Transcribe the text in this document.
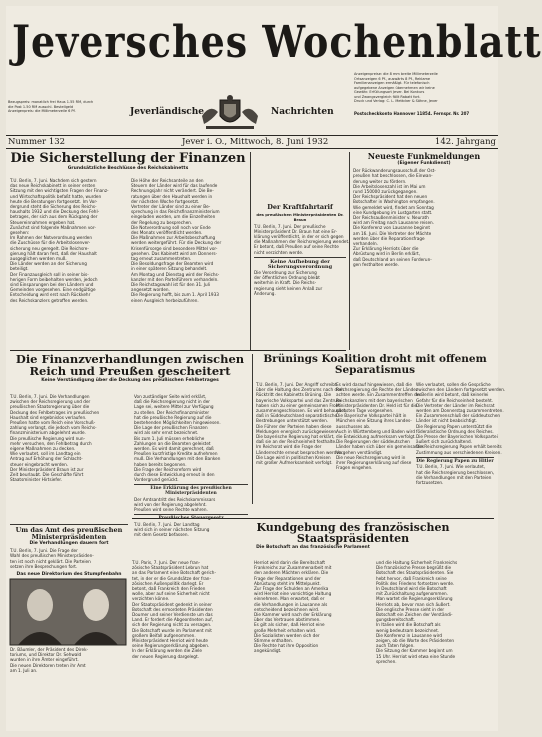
Jeversches Wochenblatt
Bezugspreis: monatlich frei Haus 1.55 RM, durch
die Post 1.50 RM ausschl. Bestellgeld
Anzeigenpreis: die Millimeterzeile 6 Pf.	Jeverländische	Nachrichten
Anzeigenpreise: die 8 mm breite Millimeterzeile
Ortsanzeigen 6 Pf., auswärts 8 Pf., Reklame
Familienanzeigen ermäßigt. Für telefonisch
aufgegebene Anzeigen übernehmen wir keine
Gewähr. Erfüllungsort Jever. Bei Konkurs
und Zwangsvergleich fällt Rabatt fort.
Druck und Verlag: C. L. Mettcker & Söhne, Jever
Postscheckkonto Hannover 11854. Fernspr. Nr. 207
Nummer 132	Jever i. O., Mittwoch, 8. Juni 1932	142. Jahrgang
Die Sicherstellung der Finanzen
Grundsätzliche Beschlüsse des Reichskabinetts
T.U. Berlin, 7. Juni. Nachdem sich gestern
das neue Reichskabinett in seiner ersten
Sitzung mit den wichtigsten Fragen der Finanz-
und Wirtschaftspolitik befaßt hatte, wurden
heute die Beratungen fortgesetzt. Im Vor-
dergrund steht die Sicherung des Reichs-
haushalts 1932 und die Deckung des Fehl-
betrages, der sich aus dem Rückgang der
Steuereinnahmen ergeben hat.
Zunächst sind folgende Maßnahmen vor-
gesehen:
Im Rahmen der Notverordnung werden
die Zuschüsse für die Arbeitslosenver-
sicherung neu geregelt. Die Reichsre-
gierung hält daran fest, daß der Haushalt
ausgeglichen werden muß.
Die Länder werden an der Sicherung
beteiligt.
Der Finanzausgleich soll in seiner bis-
herigen Form beibehalten werden, jedoch
sind Einsparungen bei den Ländern und
Gemeinden vorgesehen. Eine endgültige
Entscheidung wird erst nach Rückkehr
des Reichskanzlers getroffen werden.
Die Höhe der Reichsanteile an den
Steuern der Länder wird für das laufende
Rechnungsjahr nicht verändert. Die Be-
ratungen über den Haushalt werden in
der nächsten Woche fortgesetzt.
Vertreter der Länder sind zu einer Be-
sprechung in das Reichsfinanzministerium
eingeladen worden, um die Einzelheiten
der Regelung zu besprechen.
Die Notverordnung soll noch vor Ende
des Monats veröffentlicht werden.
Die Maßnahmen zur Arbeitsbeschaffung
werden weitergeführt. Für die Deckung der
Krisenfürsorge sind besondere Mittel vor-
gesehen. Das Kabinett wird am Donners-
tag erneut zusammentreten.
Die Besoldungsfrage der Beamten wird
in einer späteren Sitzung behandelt.
Am Montag und Dienstag wird der Reichs-
kanzler mit den Parteiführern verhandeln.
Die Reichstagswahl ist für den 31. Juli
angesetzt worden.
Die Regierung hofft, bis zum 1. April 1933
einen Ausgleich herbeizuführen.
Der Kraftfahrtarif
des preußischen Ministerpräsidenten Dr. Braun
T.U. Berlin, 7. Juni. Der preußische
Ministerpräsident Dr. Braun hat eine Er-
klärung veröffentlicht, in der er sich gegen
die Maßnahmen der Reichsregierung wendet.
Er betont, daß Preußen auf seine Rechte
nicht verzichten werde.
Keine Aufhebung der Sicherungsverordnung
Die Verordnung zur Sicherung
der öffentlichen Ordnung bleibt
weiterhin in Kraft. Die Reichs-
regierung sieht keinen Anlaß zur
Änderung.
Neueste Funkmeldungen
(Eigener Funkdienst)
Der Rückwanderungsausschuß der Ost-
preußen hat beschlossen, die Einwan-
derung weiter zu fördern.
Die Arbeitslosenzahl ist im Mai um
rund 150000 zurückgegangen.
Der Reichspräsident hat den neuen
Botschafter in Washington empfangen.
Wie gemeldet wird, findet am Sonntag
eine Kundgebung im Lustgarten statt.
Der Reichsaußenminister v. Neurath
wird am Freitag nach Lausanne reisen.
Die Konferenz von Lausanne beginnt
am 16. Juni. Die Vertreter der Mächte
werden über die Reparationsfrage
verhandeln.
Zur Erklärung Herriots über die
Abrüstung wird in Berlin erklärt,
daß Deutschland an seinen Forderun-
gen festhalten werde.
Die Finanzverhandlungen zwischen Reich und Preußen gescheitert
Keine Verständigung über die Deckung des preußischen Fehlbetrages
T.U. Berlin, 7. Juni. Die Verhandlungen
zwischen der Reichsregierung und der
preußischen Staatsregierung über die
Deckung des Fehlbetrages im preußischen
Haushalt sind ergebnislos verlaufen.
Preußen hatte vom Reich eine Vorschuß-
zahlung verlangt, die jedoch vom Reichs-
finanzministerium abgelehnt wurde.
Die preußische Regierung wird nun-
mehr versuchen, den Fehlbetrag durch
eigene Maßnahmen zu decken.
Wie verlautet, soll im Landtag ein
Antrag auf Erhöhung der Schlacht-
steuer eingebracht werden.
Der Ministerpräsident Braun ist zur
Zeit beurlaubt. Die Geschäfte führt
Staatsminister Hirtsiefer.
Von zuständiger Seite wird erklärt,
daß die Reichsregierung nicht in der
Lage sei, weitere Mittel zur Verfügung
zu stellen. Der Reichsfinanzminister
hat die preußische Regierung auf die
bestehenden Möglichkeiten hingewiesen.
Die Lage der preußischen Finanzen
wird als sehr ernst bezeichnet.
Bis zum 1. Juli müssen erhebliche
Zahlungen an die Beamten geleistet
werden. Es wird damit gerechnet, daß
Preußen kurzfristige Kredite aufnehmen
muß. Die Verhandlungen mit den Banken
haben bereits begonnen.
Die Frage der Reichsreform wird
durch diese Entwicklung erneut in den
Vordergrund gerückt.
Eine Erklärung des preußischen Ministerpräsidenten
Der Amtsantritt des Reichskommissars
wird von der Regierung abgelehnt.
Preußen wird seine Rechte wahren.
Preußisches Steuergesetz
T.U. Berlin, 7. Juni. Der Landtag
wird sich in seiner nächsten Sitzung
mit dem Gesetz befassen.
Um das Amt des preußischen Ministerpräsidenten
Die Verhandlungen dauern fort
T.U. Berlin, 7. Juni. Die Frage der
Wahl des preußischen Ministerpräsiden-
ten ist noch nicht geklärt. Die Parteien
setzen ihre Besprechungen fort.
Das neue Direktorium des Stumpfenbahn
Dr. Bäumler, der Präsident des Direk-
toriums, und Direktor Dr. Sehwald
wurden in ihre Ämter eingeführt.
Die neuen Direktoren treten ihr Amt
am 1. Juli an.
Brünings Koalition droht mit offenem Separatismus
T.U. Berlin, 7. Juni. Der Angriff schreibt
über die Haltung des Zentrums nach dem
Rücktritt des Kabinetts Brüning. Die
bayerische Volkspartei und das Zentrum
haben sich zu einer gemeinsamen Front
zusammengeschlossen. Es wird behauptet,
daß in Süddeutschland separatistische
Bestrebungen unterstützt werden.
Die Führer der Parteien haben diese
Meldungen energisch zurückgewiesen.
Die bayerische Regierung hat erklärt,
daß sie an der Reichseinheit festhalte.
Im Reichsrat wird die Frage der
Länderrechte erneut besprochen werden.
Die Lage wird in politischen Kreisen
mit großer Aufmerksamkeit verfolgt.
Es wird darauf hingewiesen, daß die
Reichsregierung die Rechte der Länder
achten werde. Ein Zusammentreffen des
Reichskanzlers mit dem bayerischen
Ministerpräsidenten Dr. Held ist für die
nächsten Tage vorgesehen.
Die Bayerische Volkspartei hält in
München eine Sitzung ihres Landes-
ausschusses ab.
Auch in Württemberg und Baden wird
die Entwicklung aufmerksam verfolgt.
Die Regierungen der süddeutschen
Länder haben sich über ein gemeinsames
Vorgehen verständigt.
Die neue Reichsregierung wird in
ihrer Regierungserklärung auf diese
Fragen eingehen.
Wie verlautet, sollen die Gespräche
zwischen den Ländern fortgesetzt werden.
In Berlin wird betont, daß keinerlei
Gefahr für die Reichseinheit besteht.
Die Vertreter der Länder im Reichsrat
werden am Donnerstag zusammentreten.
Ein Zusammenschluß der süddeutschen
Länder ist nicht beabsichtigt.
Die Regierung Papen unterstützt die
föderalistische Ordnung des Reiches.
Die Presse der Bayerischen Volkspartei
äußert sich zurückhaltend.
Die Reichsregierung Papen erhält bereits
Zustimmung aus verschiedenen Kreisen.
Die Regierung Papen zu Hitler
T.U. Berlin, 7. Juni. Wie verlautet,
hat die Reichsregierung beschlossen,
die Verhandlungen mit den Parteien
fortzusetzen.
Kundgebung des französischen Staatspräsidenten
Die Botschaft an das französische Parlament
T.U. Paris, 7. Juni. Der neue fran-
zösische Staatspräsident Lebrun hat
an das Parlament eine Botschaft gerich-
tet, in der er die Grundsätze der fran-
zösischen Außenpolitik darlegt. Er
betont, daß Frankreich den Frieden
wolle, aber auf seine Sicherheit nicht
verzichten könne.
Der Staatspräsident gedenkt in seiner
Botschaft des ermordeten Präsidenten
Doumer und seiner Verdienste um das
Land. Er fordert die Abgeordneten auf,
sich der Regierung nicht zu versagen.
Die Botschaft wurde im Parlament mit
großem Beifall aufgenommen.
Ministerpräsident Herriot wird heute
seine Regierungserklärung abgeben.
In der Erklärung werden die Ziele
der neuen Regierung dargelegt.
Herriot wird darin die Bereitschaft
Frankreichs zur Zusammenarbeit mit
den anderen Mächten erklären. Die
Frage der Reparationen und der
Abrüstung steht im Mittelpunkt.
Zur Frage der Schulden an Amerika
wird Herriot eine vorsichtige Haltung
einnehmen. Man erwartet, daß er
die Verhandlungen in Lausanne als
entscheidend bezeichnen wird.
Die Kammer wird nach der Erklärung
über das Vertrauen abstimmen.
Es gilt als sicher, daß Herriot eine
große Mehrheit erhalten wird.
Die Sozialisten werden sich der
Stimme enthalten.
Die Rechte hat ihre Opposition
angekündigt.
und die Haltung Sicherheit Frankreichs
Die französische Presse begrüßt die
Botschaft des Staatspräsidenten. Sie
hebt hervor, daß Frankreich seine
Politik des Friedens fortsetzen werde.
In Deutschland wird die Botschaft
mit Zurückhaltung aufgenommen.
Man wartet die Regierungserklärung
Herriots ab, bevor man sich äußert.
Die englische Presse sieht in der
Botschaft ein Zeichen der Verständi-
gungsbereitschaft.
In Italien wird die Botschaft als
wenig bedeutsam bezeichnet.
Die Konferenz in Lausanne wird
zeigen, ob die Worte des Präsidenten
auch Taten folgen.
Die Sitzung der Kammer beginnt um
15 Uhr. Herriot wird etwa eine Stunde
sprechen.
